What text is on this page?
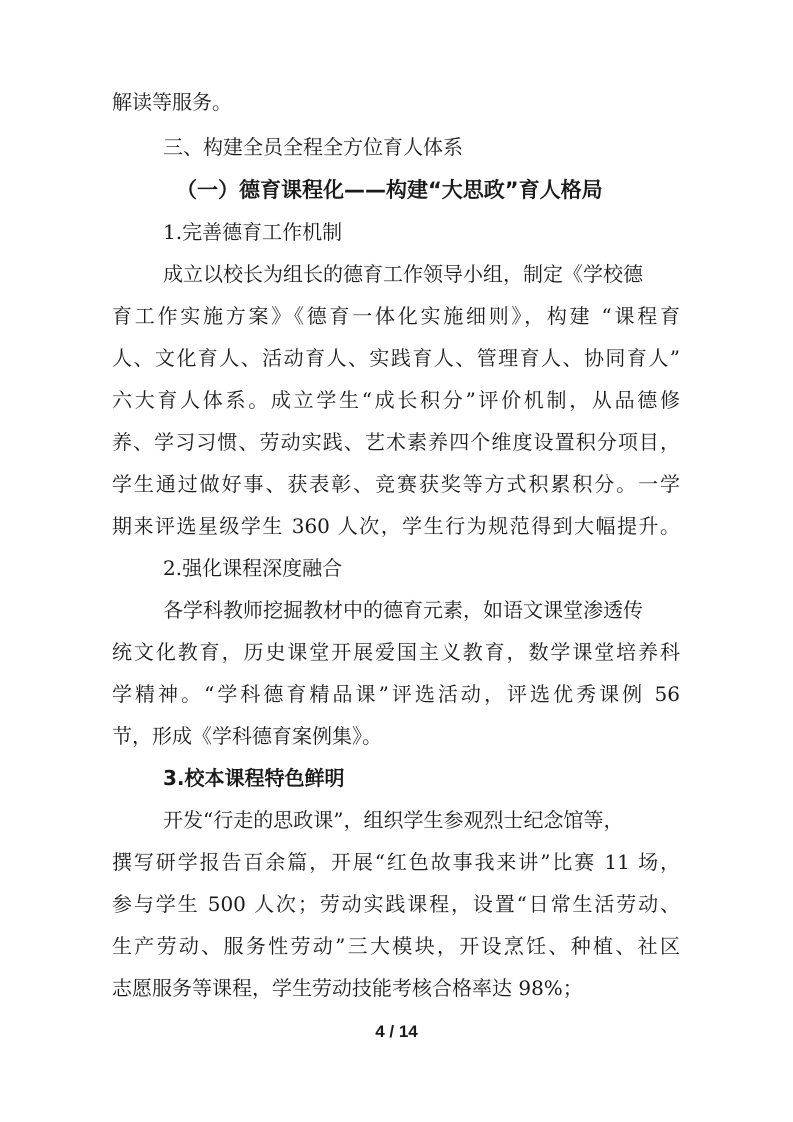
解读等服务。
三、构建全员全程全方位育人体系
（一）德育课程化——构建“大思政”育人格局
1.完善德育工作机制
成立以校长为组长的德育工作领导小组，制定《学校德
育工作实施方案》《德育一体化实施细则》，构建 “课程育
人、文化育人、活动育人、实践育人、管理育人、协同育人”
六大育人体系。成立学生“成长积分”评价机制，从品德修
养、学习习惯、劳动实践、艺术素养四个维度设置积分项目，
学生通过做好事、获表彰、竞赛获奖等方式积累积分。一学
期来评选星级学生 360 人次，学生行为规范得到大幅提升。
2.强化课程深度融合
各学科教师挖掘教材中的德育元素，如语文课堂渗透传
统文化教育，历史课堂开展爱国主义教育，数学课堂培养科
学精神。“学科德育精品课”评选活动，评选优秀课例 56
节，形成《学科德育案例集》。
3.校本课程特色鲜明
开发“行走的思政课”，组织学生参观烈士纪念馆等，
撰写研学报告百余篇，开展“红色故事我来讲”比赛 11 场，
参与学生 500 人次；劳动实践课程，设置“日常生活劳动、
生产劳动、服务性劳动”三大模块，开设烹饪、种植、社区
志愿服务等课程，学生劳动技能考核合格率达 98%；
4 / 14
